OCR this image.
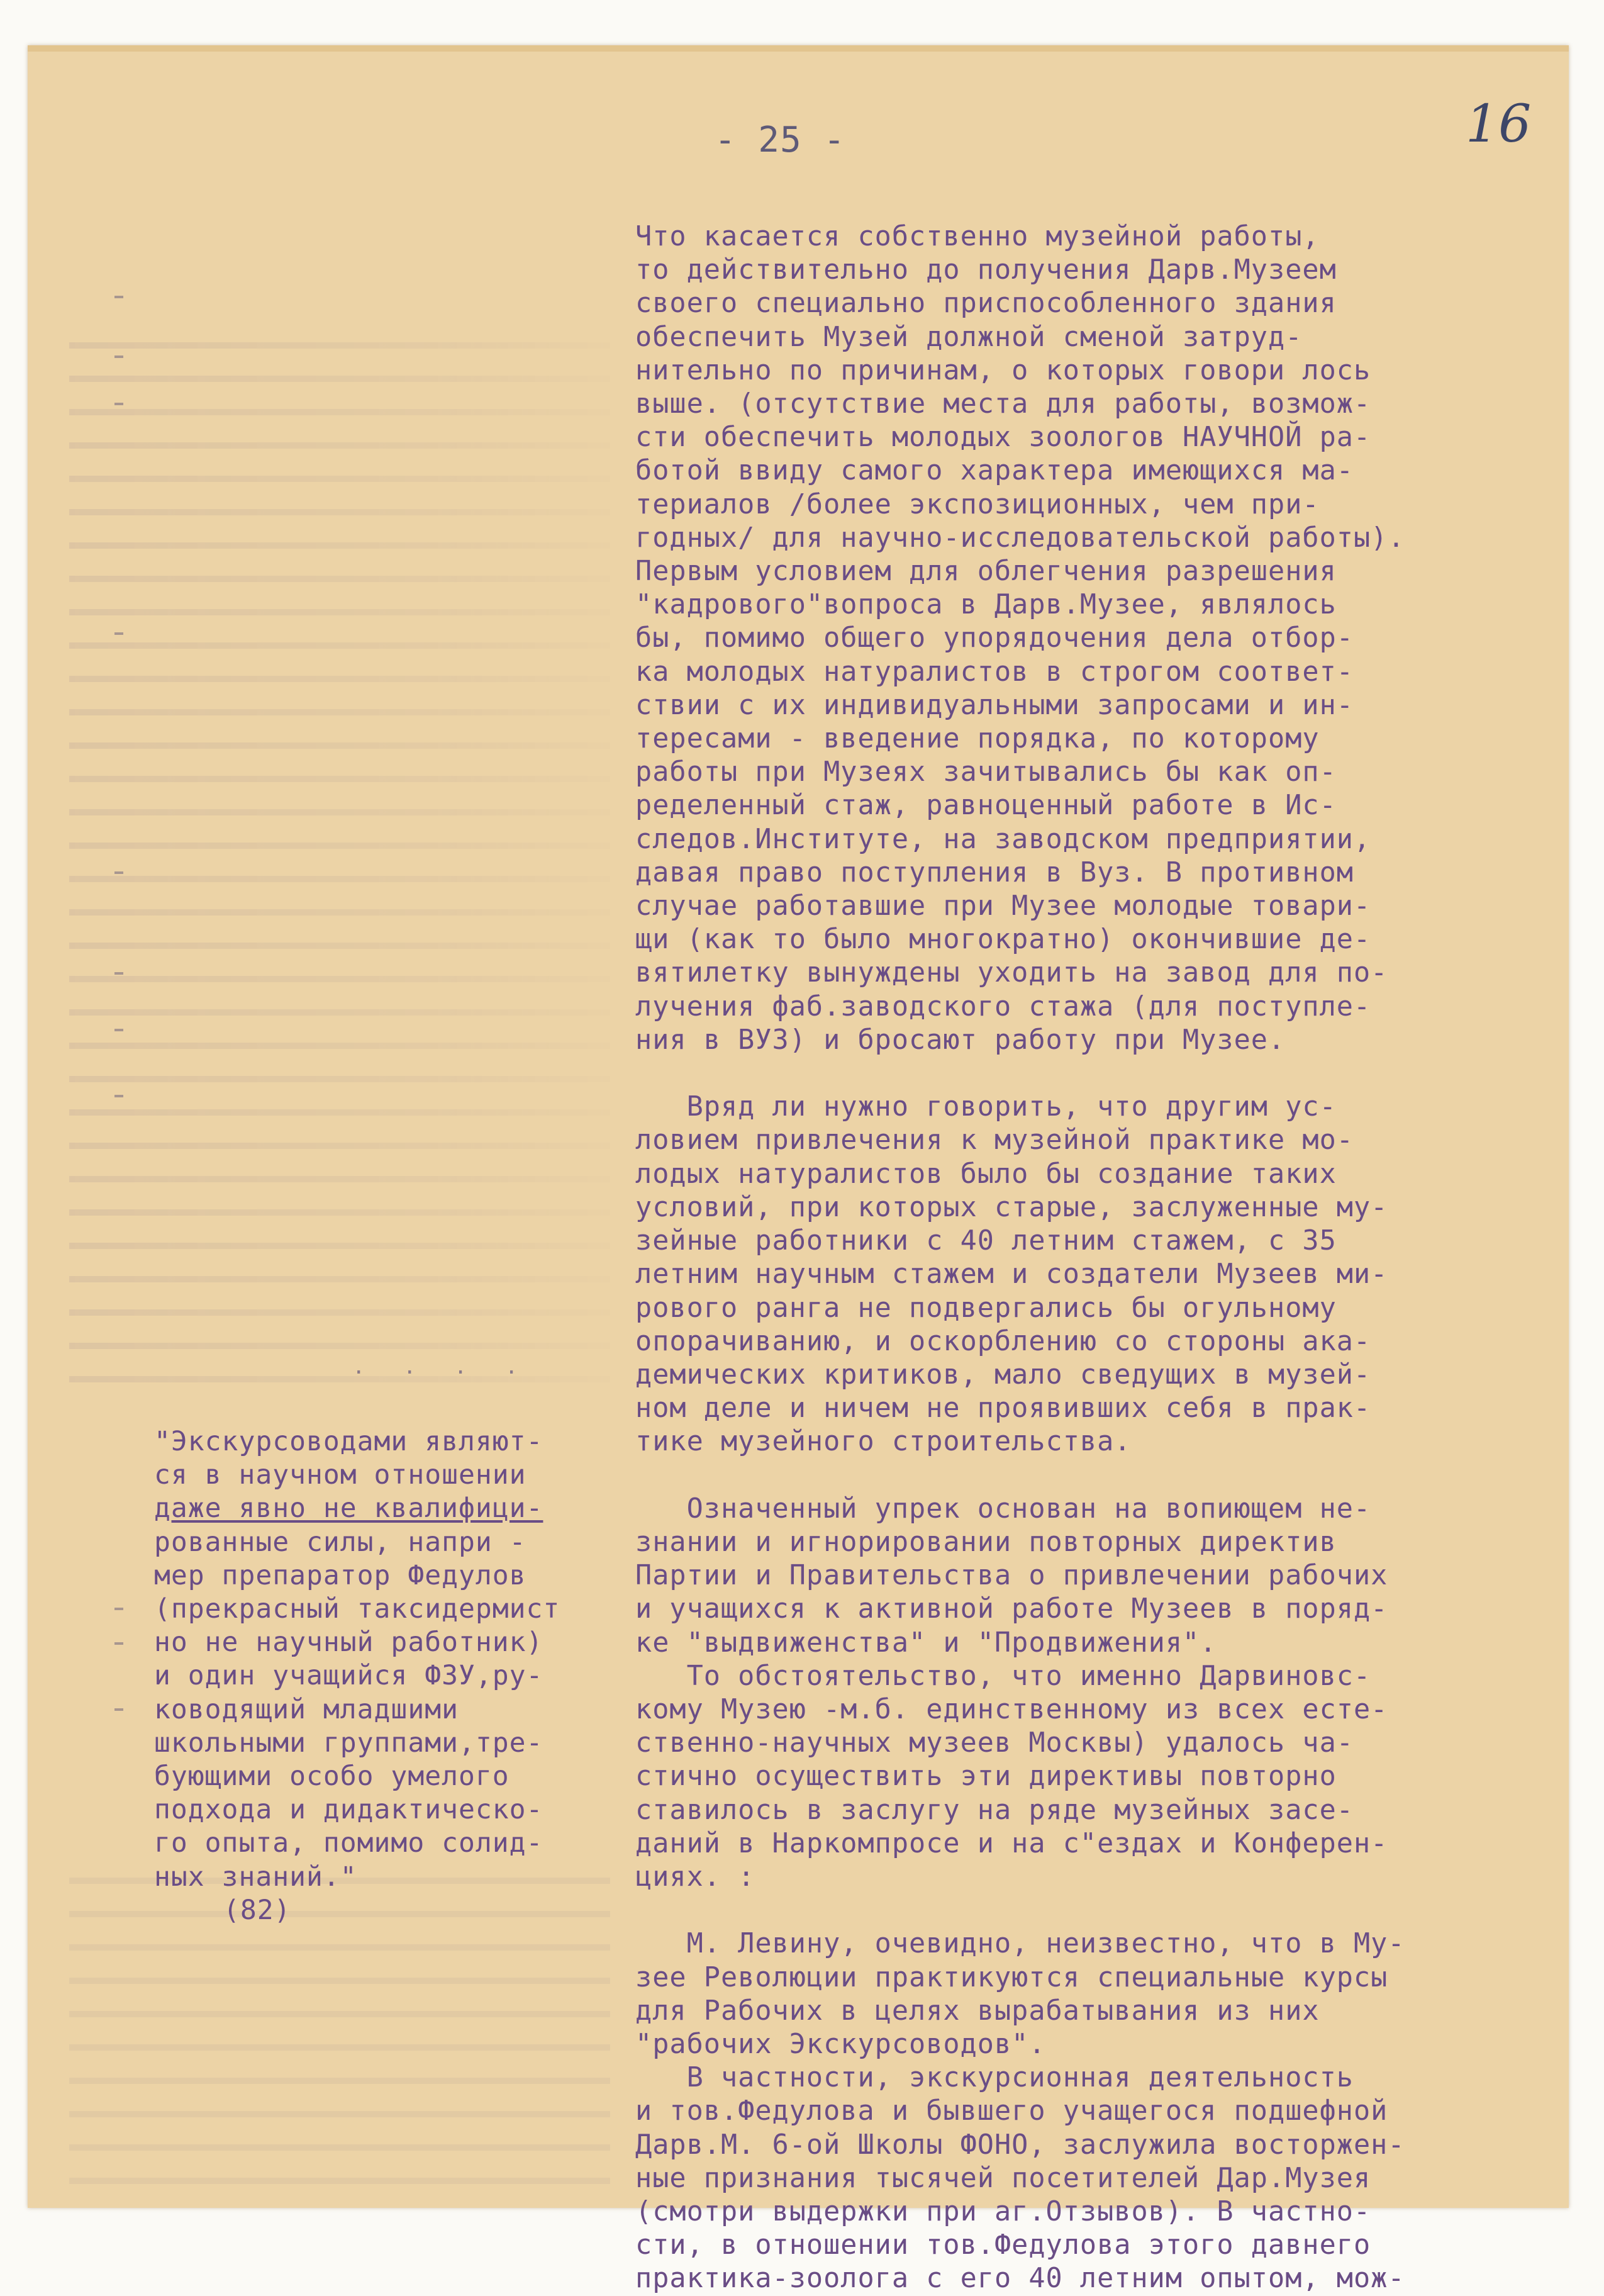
. . . .
- 25 -	16
Что касается собственно музейной работы,
то действительно до получения Дарв.Музеем
своего специально приспособленного здания
обеспечить Музей должной сменой затруд-
нительно по причинам, о которых говори лось
выше. (отсутствие места для работы, возмож-
сти обеспечить молодых зоологов НАУЧНОЙ ра-
ботой ввиду самого характера имеющихся ма-
териалов /более экспозиционных, чем при-
годных/ для научно-исследовательской работы).
Первым условием для облегчения разрешения
"кадрового"вопроса в Дарв.Музее, являлось
бы, помимо общего упорядочения дела отбор-
ка молодых натуралистов в строгом соответ-
ствии с их индивидуальными запросами и ин-
тересами - введение порядка, по которому
работы при Музеях зачитывались бы как оп-
ределенный стаж, равноценный работе в Ис-
следов.Институте, на заводском предприятии,
давая право поступления в Вуз. В противном
случае работавшие при Музее молодые товари-
щи (как то было многократно) окончившие де-
вятилетку вынуждены уходить на завод для по-
лучения фаб.заводского стажа (для поступле-
ния в ВУЗ) и бросают работу при Музее.

Вряд ли нужно говорить, что другим ус-
ловием привлечения к музейной практике мо-
лодых натуралистов было бы создание таких
условий, при которых старые, заслуженные му-
зейные работники с 40 летним стажем, с 35
летним научным стажем и создатели Музеев ми-
рового ранга не подвергались бы огульному
опорачиванию, и оскорблению со стороны ака-
демических критиков, мало сведущих в музей-
ном деле и ничем не проявивших себя в прак-
тике музейного строительства.

Означенный упрек основан на вопиющем не-
знании и игнорировании повторных директив
Партии и Правительства о привлечении рабочих
и учащихся к активной работе Музеев в поряд-
ке "выдвиженства" и "Продвижения".
То обстоятельство, что именно Дарвиновс-
кому Музею -м.б. единственному из всех есте-
ственно-научных музеев Москвы) удалось ча-
стично осуществить эти директивы повторно
ставилось в заслугу на ряде музейных засе-
даний в Наркомпросе и на с"ездах и Конферен-
циях. :

М. Левину, очевидно, неизвестно, что в Му-
зее Революции практикуются специальные курсы
для Рабочих в целях вырабатывания из них
"рабочих Экскурсоводов".
В частности, экскурсионная деятельность
и тов.Федулова и бывшего учащегося подшефной
Дарв.М. 6-ой Школы ФОНО, заслужила восторжен-
ные признания тысячей посетителей Дар.Музея
(смотри выдержки при аг.Отзывов). В частно-
сти, в отношении тов.Федулова этого давнего
практика-зоолога с его 40 летним опытом, мож-
"Экскурсоводами являют-
ся в научном отношении
даже явно не квалифици-
рованные силы, напри -
мер препаратор Федулов
(прекрасный таксидермист
но не научный работник)
и один учащийся ФЗУ,ру-
ководящий младшими
школьными группами,тре-
бующими особо умелого
подхода и дидактическо-
го опыта, помимо солид-
ных знаний."
(82)
